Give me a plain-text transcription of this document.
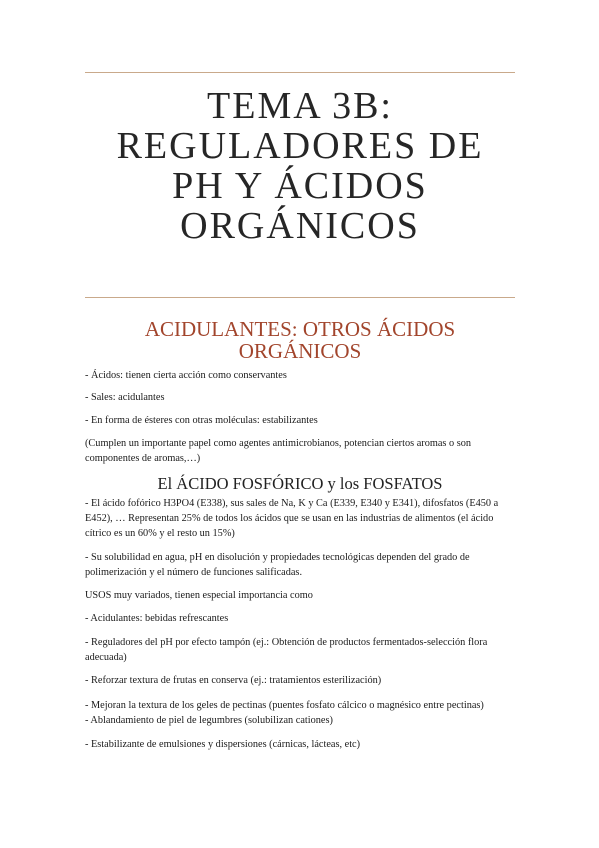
TEMA 3B:
REGULADORES DE
PH Y ÁCIDOS
ORGÁNICOS
ACIDULANTES: OTROS ÁCIDOS
ORGÁNICOS

- Ácidos: tienen cierta acción como conservantes

- Sales: acidulantes

- En forma de ésteres con otras moléculas: estabilizantes

(Cumplen un importante papel como agentes antimicrobianos, potencian ciertos aromas o son componentes de aromas,…)

El ÁCIDO FOSFÓRICO y los FOSFATOS

- El ácido fofórico H3PO4 (E338), sus sales de Na, K y Ca (E339, E340 y E341), difosfatos (E450 a E452), … Representan 25% de todos los ácidos que se usan en las industrias de alimentos (el ácido cítrico es un 60% y el resto un 15%)

- Su solubilidad en agua, pH en disolución y propiedades tecnológicas dependen del grado de polimerización y el número de funciones salificadas.

USOS muy variados, tienen especial importancia como

- Acidulantes: bebidas refrescantes

- Reguladores del pH por efecto tampón (ej.: Obtención de productos fermentados-selección flora adecuada)

- Reforzar textura de frutas en conserva (ej.: tratamientos esterilización)

- Mejoran la textura de los geles de pectinas (puentes fosfato cálcico o magnésico entre pectinas)

- Ablandamiento de piel de legumbres (solubilizan cationes)

- Estabilizante de emulsiones y dispersiones (cárnicas, lácteas, etc)
